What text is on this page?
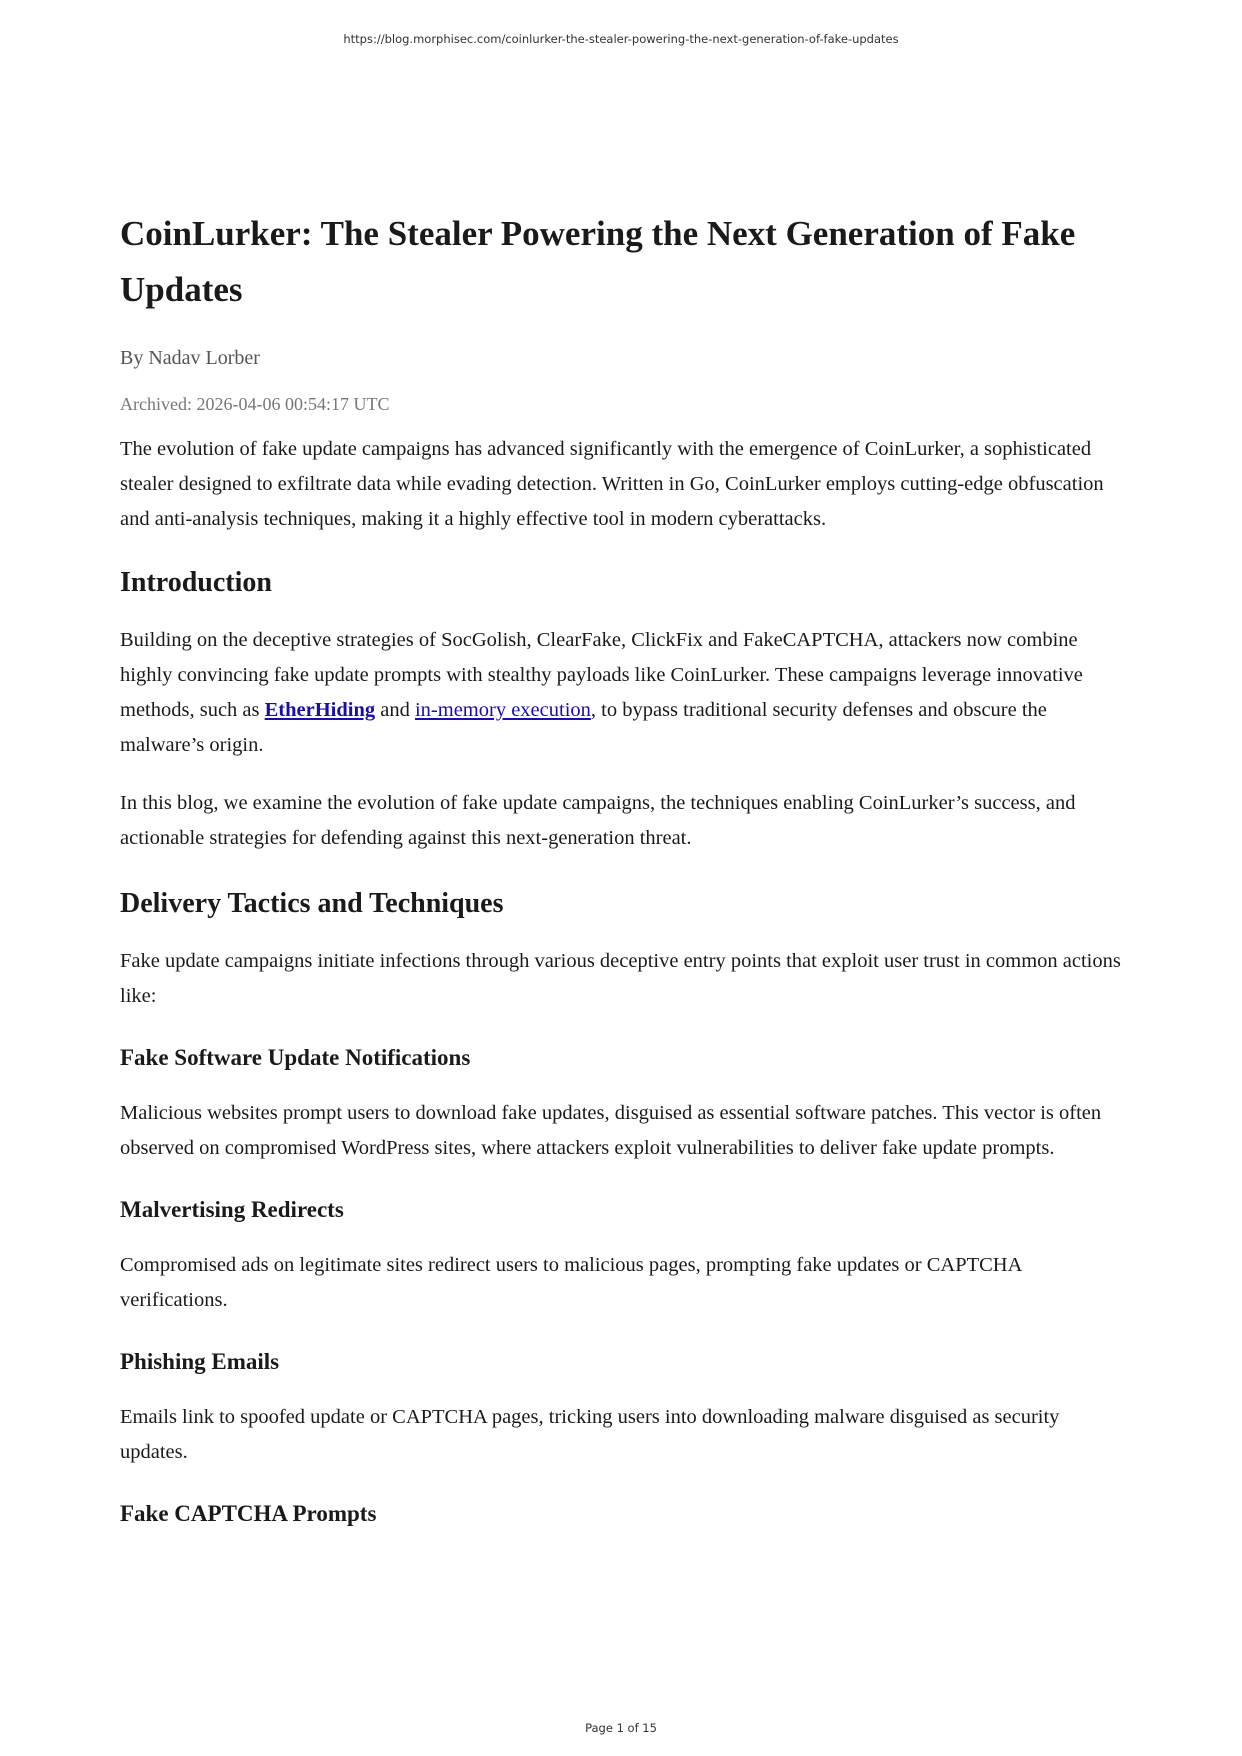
https://blog.morphisec.com/coinlurker-the-stealer-powering-the-next-generation-of-fake-updates
CoinLurker: The Stealer Powering the Next Generation of Fake Updates
By Nadav Lorber
Archived: 2026-04-06 00:54:17 UTC

The evolution of fake update campaigns has advanced significantly with the emergence of CoinLurker, a sophisticated stealer designed to exfiltrate data while evading detection. Written in Go, CoinLurker employs cutting-edge obfuscation and anti-analysis techniques, making it a highly effective tool in modern cyberattacks.

Introduction

Building on the deceptive strategies of SocGolish, ClearFake, ClickFix and FakeCAPTCHA, attackers now combine highly convincing fake update prompts with stealthy payloads like CoinLurker. These campaigns leverage innovative methods, such as EtherHiding and in-memory execution, to bypass traditional security defenses and obscure the malware’s origin.

In this blog, we examine the evolution of fake update campaigns, the techniques enabling CoinLurker’s success, and actionable strategies for defending against this next-generation threat.

Delivery Tactics and Techniques

Fake update campaigns initiate infections through various deceptive entry points that exploit user trust in common actions like:

Fake Software Update Notifications

Malicious websites prompt users to download fake updates, disguised as essential software patches. This vector is often observed on compromised WordPress sites, where attackers exploit vulnerabilities to deliver fake update prompts.

Malvertising Redirects

Compromised ads on legitimate sites redirect users to malicious pages, prompting fake updates or CAPTCHA verifications.

Phishing Emails

Emails link to spoofed update or CAPTCHA pages, tricking users into downloading malware disguised as security updates.

Fake CAPTCHA Prompts
Page 1 of 15
